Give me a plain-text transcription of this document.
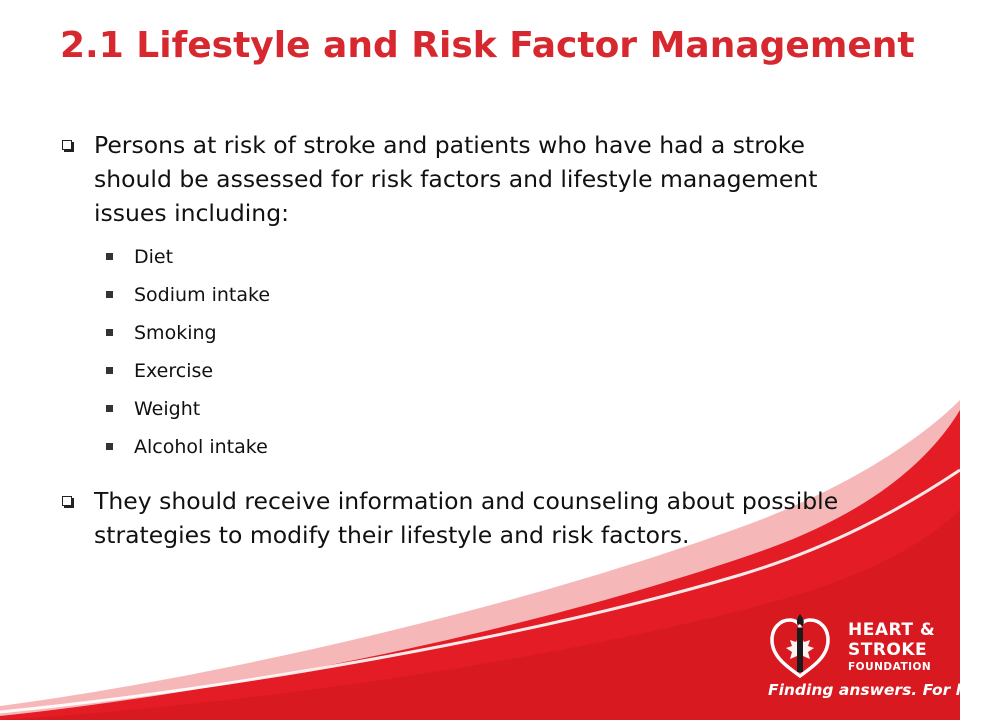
2.1 Lifestyle and Risk Factor Management
Persons at risk of stroke and patients who have had a stroke should be assessed for risk factors and lifestyle management issues including:
Diet
Sodium intake
Smoking
Exercise
Weight
Alcohol intake
They should receive information and counseling about possible strategies to modify their lifestyle and risk factors.
HEART &
STROKE
FOUNDATION
Finding answers. For life.
